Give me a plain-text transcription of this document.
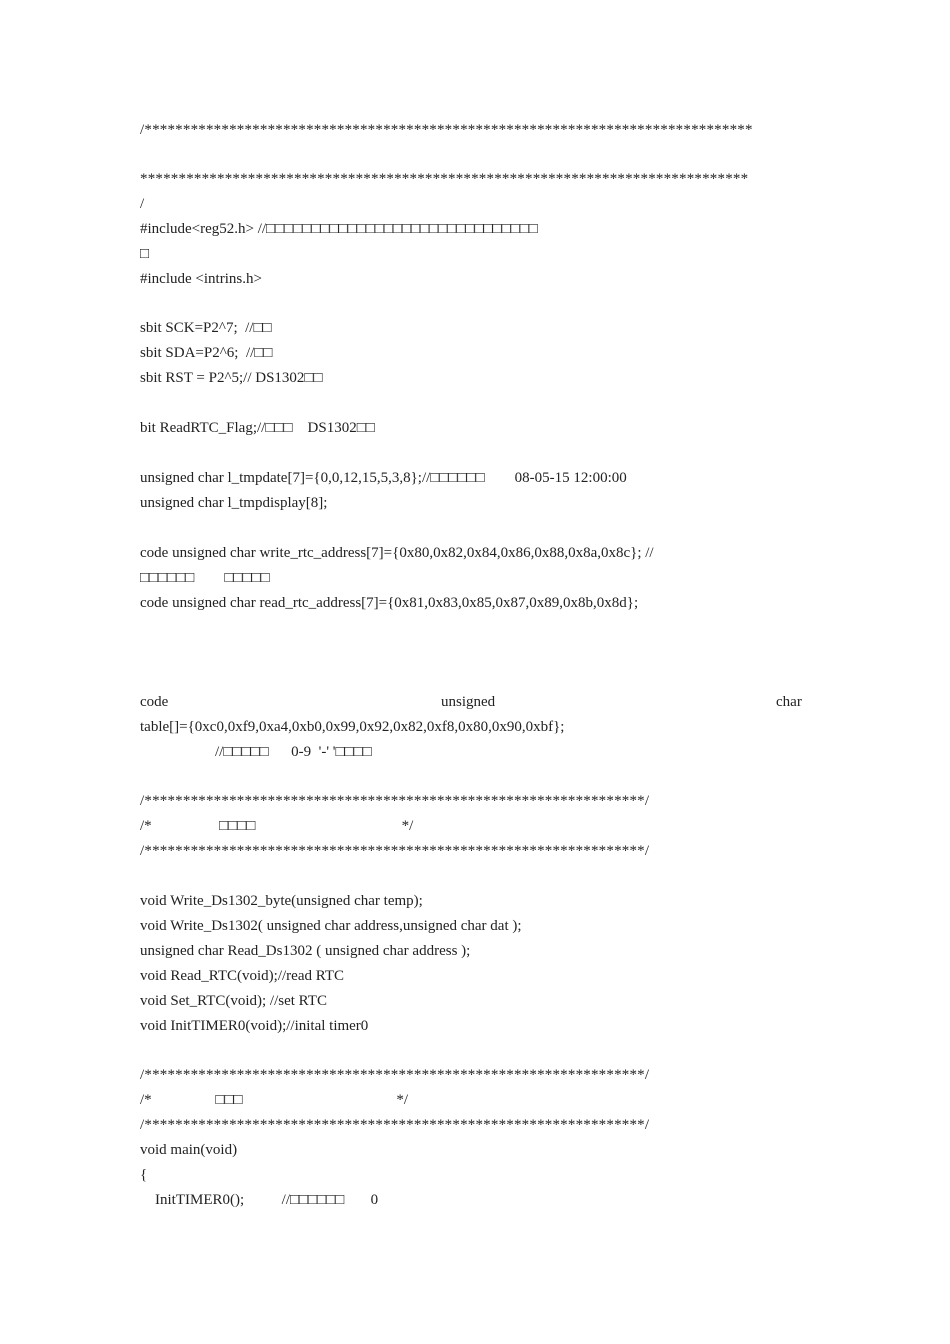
/*******************************************************************************
*******************************************************************************
/
#include<reg52.h> //□□□□□□□□□□□□□□□□□□□□□□□□□□□□□□
□
#include <intrins.h>
sbit SCK=P2^7;  //□□
sbit SDA=P2^6;  //□□
sbit RST = P2^5;// DS1302□□
bit ReadRTC_Flag;//□□□    DS1302□□
unsigned char l_tmpdate[7]={0,0,12,15,5,3,8};//□□□□□□        08-05-15 12:00:00
unsigned char l_tmpdisplay[8];
code unsigned char write_rtc_address[7]={0x80,0x82,0x84,0x86,0x88,0x8a,0x8c}; //
□□□□□□        □□□□□
code unsigned char read_rtc_address[7]={0x81,0x83,0x85,0x87,0x89,0x8b,0x8d};
code	unsigned	char
table[]={0xc0,0xf9,0xa4,0xb0,0x99,0x92,0x82,0xf8,0x80,0x90,0xbf};
//□□□□□      0-9  '-' '□□□□
/*****************************************************************/
/*                  □□□□                                       */
/*****************************************************************/
void Write_Ds1302_byte(unsigned char temp);
void Write_Ds1302( unsigned char address,unsigned char dat );
unsigned char Read_Ds1302 ( unsigned char address );
void Read_RTC(void);//read RTC
void Set_RTC(void); //set RTC
void InitTIMER0(void);//inital timer0
/*****************************************************************/
/*                 □□□                                         */
/*****************************************************************/
void main(void)
{
InitTIMER0();          //□□□□□□       0
